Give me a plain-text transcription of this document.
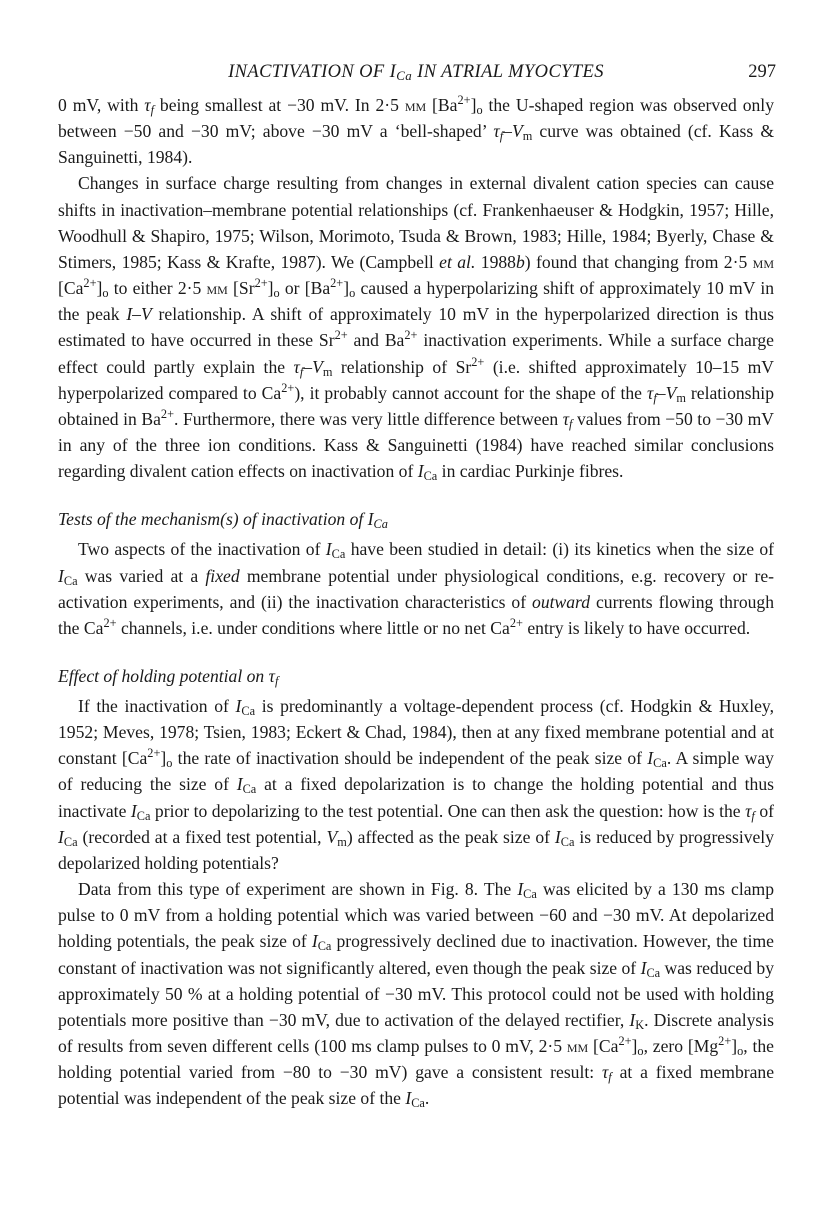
INACTIVATION OF $I_{Ca}$ IN ATRIAL MYOCYTES	297

0 mV, with $\tau_f$ being smallest at −30 mV. In 2·5 mm $[Ba^{2+}]_o$ the U-shaped region was observed only between −50 and −30 mV; above −30 mV a ‘bell-shaped’ $\tau_f-V_m$ curve was obtained (cf. Kass & Sanguinetti, 1984).

Changes in surface charge resulting from changes in external divalent cation species can cause shifts in inactivation–membrane potential relationships (cf. Frankenhaeuser & Hodgkin, 1957; Hille, Woodhull & Shapiro, 1975; Wilson, Morimoto, Tsuda & Brown, 1983; Hille, 1984; Byerly, Chase & Stimers, 1985; Kass & Krafte, 1987). We (Campbell et al. 1988b) found that changing from 2·5 mm $[Ca^{2+}]_o$ to either 2·5 mm $[Sr^{2+}]_o$ or $[Ba^{2+}]_o$ caused a hyperpolarizing shift of approximately 10 mV in the peak I–V relationship. A shift of approximately 10 mV in the hyperpolarized direction is thus estimated to have occurred in these $Sr^{2+}$ and $Ba^{2+}$ inactivation experiments. While a surface charge effect could partly explain the $\tau_f-V_m$ relationship of $Sr^{2+}$ (i.e. shifted approximately 10–15 mV hyperpolarized compared to $Ca^{2+}$), it probably cannot account for the shape of the $\tau_f-V_m$ relationship obtained in $Ba^{2+}$. Furthermore, there was very little difference between $\tau_f$ values from −50 to −30 mV in any of the three ion conditions. Kass & Sanguinetti (1984) have reached similar conclusions regarding divalent cation effects on inactivation of $I_{Ca}$ in cardiac Purkinje fibres.

Tests of the mechanism(s) of inactivation of $I_{Ca}$

Two aspects of the inactivation of $I_{Ca}$ have been studied in detail: (i) its kinetics when the size of $I_{Ca}$ was varied at a fixed membrane potential under physiological conditions, e.g. recovery or re-activation experiments, and (ii) the inactivation characteristics of outward currents flowing through the $Ca^{2+}$ channels, i.e. under conditions where little or no net $Ca^{2+}$ entry is likely to have occurred.

Effect of holding potential on $\tau_f$

If the inactivation of $I_{Ca}$ is predominantly a voltage-dependent process (cf. Hodgkin & Huxley, 1952; Meves, 1978; Tsien, 1983; Eckert & Chad, 1984), then at any fixed membrane potential and at constant $[Ca^{2+}]_o$ the rate of inactivation should be independent of the peak size of $I_{Ca}$. A simple way of reducing the size of $I_{Ca}$ at a fixed depolarization is to change the holding potential and thus inactivate $I_{Ca}$ prior to depolarizing to the test potential. One can then ask the question: how is the $\tau_f$ of $I_{Ca}$ (recorded at a fixed test potential, $V_m$) affected as the peak size of $I_{Ca}$ is reduced by progressively depolarized holding potentials?

Data from this type of experiment are shown in Fig. 8. The $I_{Ca}$ was elicited by a 130 ms clamp pulse to 0 mV from a holding potential which was varied between −60 and −30 mV. At depolarized holding potentials, the peak size of $I_{Ca}$ progressively declined due to inactivation. However, the time constant of inactivation was not significantly altered, even though the peak size of $I_{Ca}$ was reduced by approximately 50 % at a holding potential of −30 mV. This protocol could not be used with holding potentials more positive than −30 mV, due to activation of the delayed rectifier, $I_K$. Discrete analysis of results from seven different cells (100 ms clamp pulses to 0 mV, 2·5 mm $[Ca^{2+}]_o$, zero $[Mg^{2+}]_o$, the holding potential varied from −80 to −30 mV) gave a consistent result: $\tau_f$ at a fixed membrane potential was independent of the peak size of the $I_{Ca}$.
